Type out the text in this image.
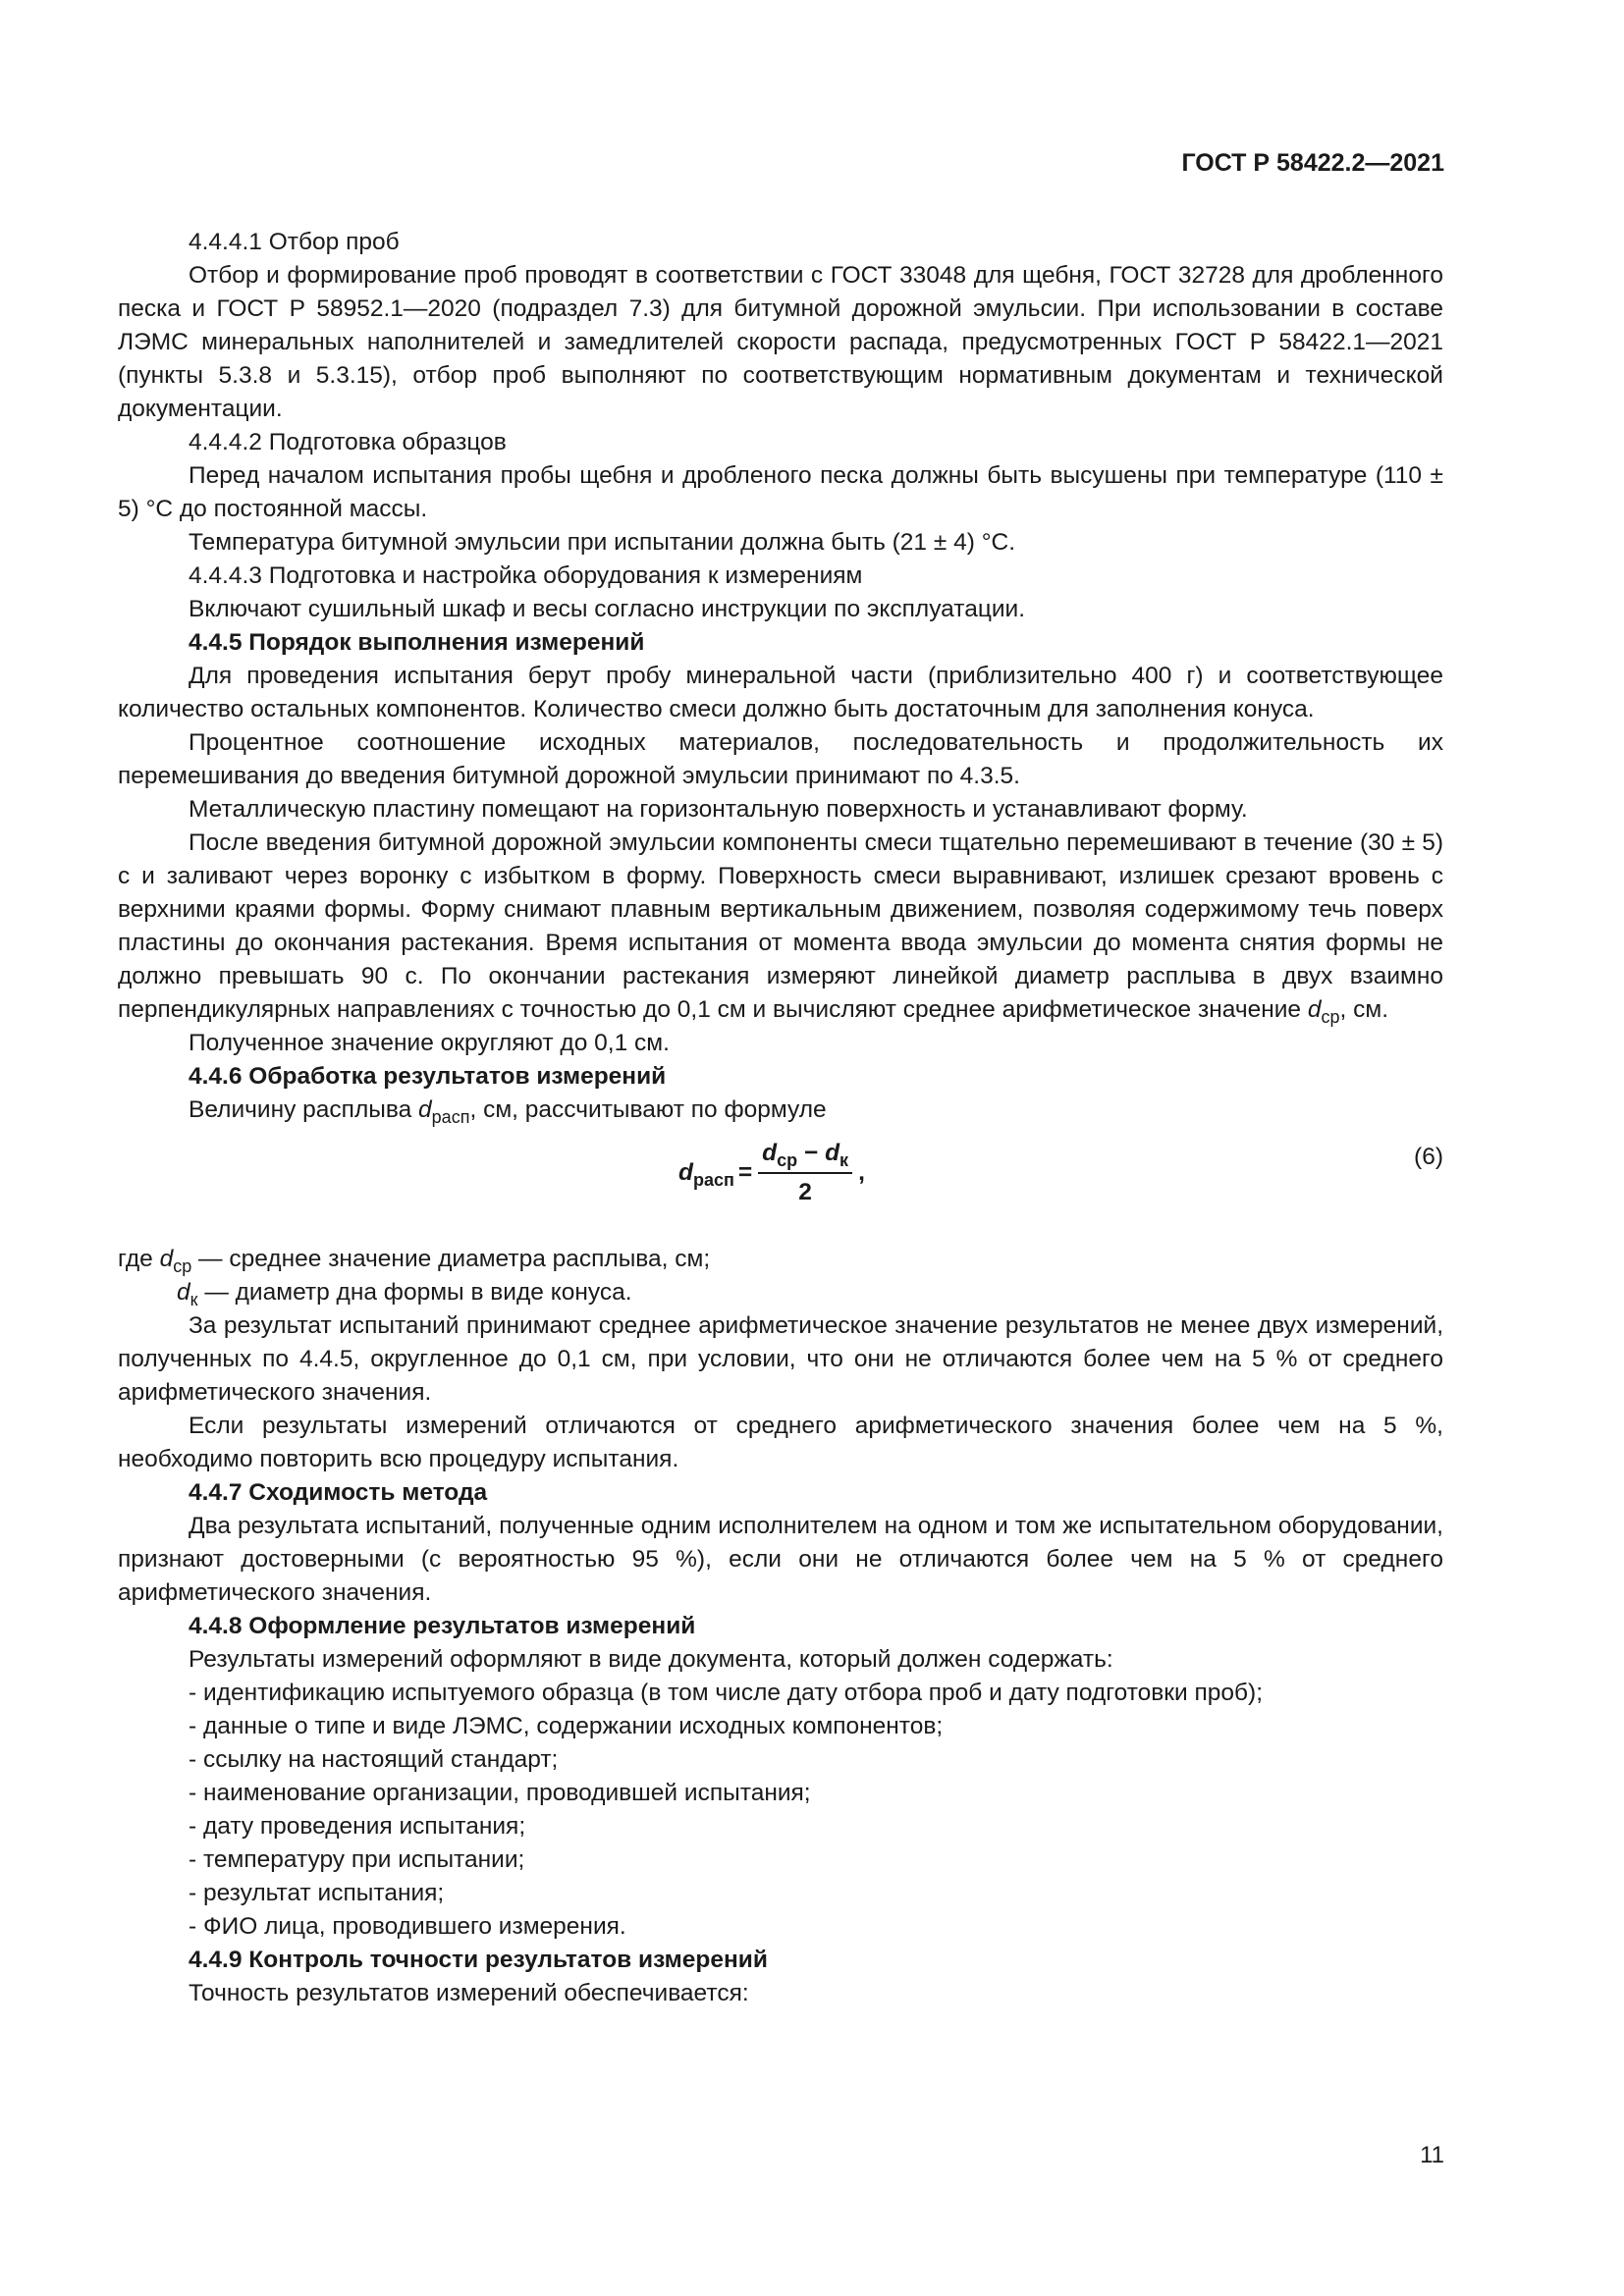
ГОСТ Р 58422.2—2021

4.4.4.1 Отбор проб

Отбор и формирование проб проводят в соответствии с ГОСТ 33048 для щебня, ГОСТ 32728 для дробленного песка и ГОСТ Р 58952.1—2020 (подраздел 7.3) для битумной дорожной эмульсии. При использовании в составе ЛЭМС минеральных наполнителей и замедлителей скорости распада, предусмотренных ГОСТ Р 58422.1—2021 (пункты 5.3.8 и 5.3.15), отбор проб выполняют по соответствующим нормативным документам и технической документации.

4.4.4.2 Подготовка образцов

Перед началом испытания пробы щебня и дробленого песка должны быть высушены при температуре (110 ± 5) °С до постоянной массы.

Температура битумной эмульсии при испытании должна быть (21 ± 4) °С.

4.4.4.3 Подготовка и настройка оборудования к измерениям

Включают сушильный шкаф и весы согласно инструкции по эксплуатации.

4.4.5 Порядок выполнения измерений

Для проведения испытания берут пробу минеральной части (приблизительно 400 г) и соответствующее количество остальных компонентов. Количество смеси должно быть достаточным для заполнения конуса.

Процентное соотношение исходных материалов, последовательность и продолжительность их перемешивания до введения битумной дорожной эмульсии принимают по 4.3.5.

Металлическую пластину помещают на горизонтальную поверхность и устанавливают форму.

После введения битумной дорожной эмульсии компоненты смеси тщательно перемешивают в течение (30 ± 5) с и заливают через воронку с избытком в форму. Поверхность смеси выравнивают, излишек срезают вровень с верхними краями формы. Форму снимают плавным вертикальным движением, позволяя содержимому течь поверх пластины до окончания растекания. Время испытания от момента ввода эмульсии до момента снятия формы не должно превышать 90 с. По окончании растекания измеряют линейкой диаметр расплыва в двух взаимно перпендикулярных направлениях с точностью до 0,1 см и вычисляют среднее арифметическое значение $d_{ср}$, см.

Полученное значение округляют до 0,1 см.

4.4.6 Обработка результатов измерений

Величину расплыва $d_{расп}$, см, рассчитывают по формуле

$d_{расп} = \frac{d_{ср} - d_к}{2}$ ,
(6)

где $d_{ср}$ — среднее значение диаметра расплыва, см;

$d_к$ — диаметр дна формы в виде конуса.

За результат испытаний принимают среднее арифметическое значение результатов не менее двух измерений, полученных по 4.4.5, округленное до 0,1 см, при условии, что они не отличаются более чем на 5 % от среднего арифметического значения.

Если результаты измерений отличаются от среднего арифметического значения более чем на 5 %, необходимо повторить всю процедуру испытания.

4.4.7 Сходимость метода

Два результата испытаний, полученные одним исполнителем на одном и том же испытательном оборудовании, признают достоверными (с вероятностью 95 %), если они не отличаются более чем на 5 % от среднего арифметического значения.

4.4.8 Оформление результатов измерений

Результаты измерений оформляют в виде документа, который должен содержать:

- идентификацию испытуемого образца (в том числе дату отбора проб и дату подготовки проб);

- данные о типе и виде ЛЭМС, содержании исходных компонентов;

- ссылку на настоящий стандарт;

- наименование организации, проводившей испытания;

- дату проведения испытания;

- температуру при испытании;

- результат испытания;

- ФИО лица, проводившего измерения.

4.4.9 Контроль точности результатов измерений

Точность результатов измерений обеспечивается:

11
